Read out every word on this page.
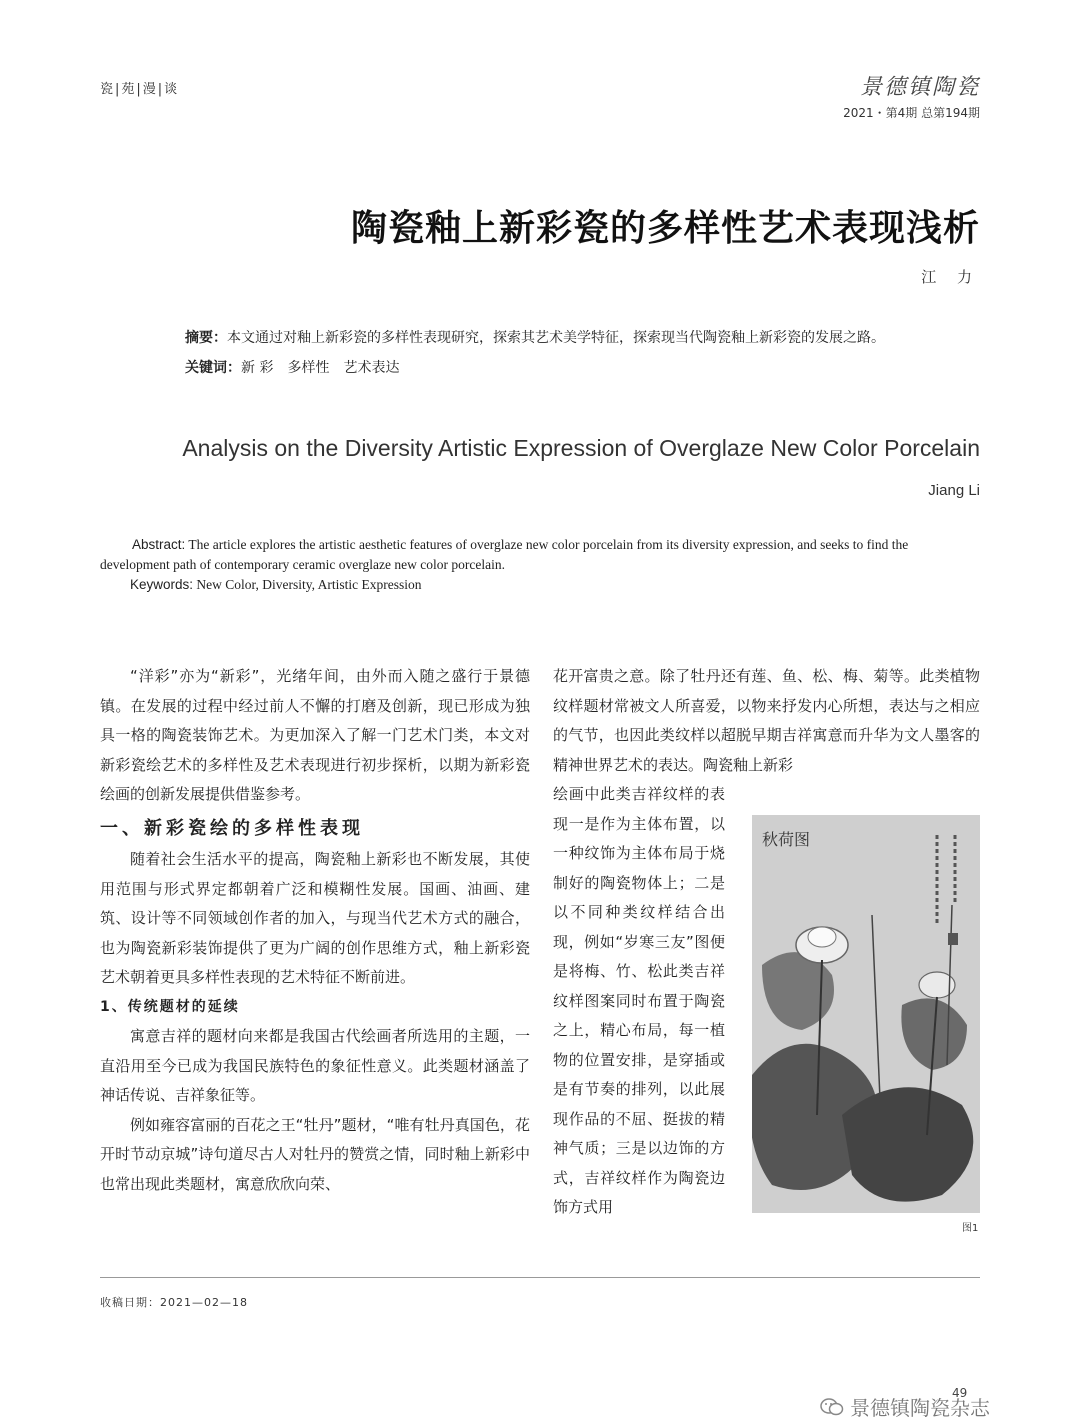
瓷|苑|漫|谈	景德镇陶瓷
2021・第4期 总第194期
陶瓷釉上新彩瓷的多样性艺术表现浅析
江 力
摘要：本文通过对釉上新彩瓷的多样性表现研究，探索其艺术美学特征，探索现当代陶瓷釉上新彩瓷的发展之路。
关键词：新 彩　多样性　艺术表达
Analysis on the Diversity Artistic Expression of Overglaze New Color Porcelain
Jiang Li
Abstract: The article explores the artistic aesthetic features of overglaze new color porcelain from its diversity expression, and seeks to find the development path of contemporary ceramic overglaze new color porcelain.
Keywords: New Color, Diversity, Artistic Expression

“洋彩”亦为“新彩”，光绪年间，由外而入随之盛行于景德镇。在发展的过程中经过前人不懈的打磨及创新，现已形成为独具一格的陶瓷装饰艺术。为更加深入了解一门艺术门类，本文对新彩瓷绘艺术的多样性及艺术表现进行初步探析，以期为新彩瓷绘画的创新发展提供借鉴参考。

一、新彩瓷绘的多样性表现

随着社会生活水平的提高，陶瓷釉上新彩也不断发展，其使用范围与形式界定都朝着广泛和模糊性发展。国画、油画、建筑、设计等不同领域创作者的加入，与现当代艺术方式的融合，也为陶瓷新彩装饰提供了更为广阔的创作思维方式，釉上新彩瓷艺术朝着更具多样性表现的艺术特征不断前进。

1、传统题材的延续

寓意吉祥的题材向来都是我国古代绘画者所选用的主题，一直沿用至今已成为我国民族特色的象征性意义。此类题材涵盖了神话传说、吉祥象征等。

例如雍容富丽的百花之王“牡丹”题材，“唯有牡丹真国色，花开时节动京城”诗句道尽古人对牡丹的赞赏之情，同时釉上新彩中也常出现此类题材，寓意欣欣向荣、

花开富贵之意。除了牡丹还有莲、鱼、松、梅、菊等。此类植物纹样题材常被文人所喜爱，以物来抒发内心所想，表达与之相应的气节，也因此类纹样以超脱早期吉祥寓意而升华为文人墨客的精神世界艺术的表达。陶瓷釉上新彩

绘画中此类吉祥纹样的表现一是作为主体布置，以一种纹饰为主体布局于烧制好的陶瓷物体上；二是以不同种类纹样结合出现，例如“岁寒三友”图便是将梅、竹、松此类吉祥纹样图案同时布置于陶瓷之上，精心布局，每一植物的位置安排，是穿插或是有节奏的排列，以此展现作品的不屈、挺拔的精神气质；三是以边饰的方式，吉祥纹样作为陶瓷边饰方式用

秋荷图
图1
收稿日期：2021—02—18
49
景德镇陶瓷杂志
